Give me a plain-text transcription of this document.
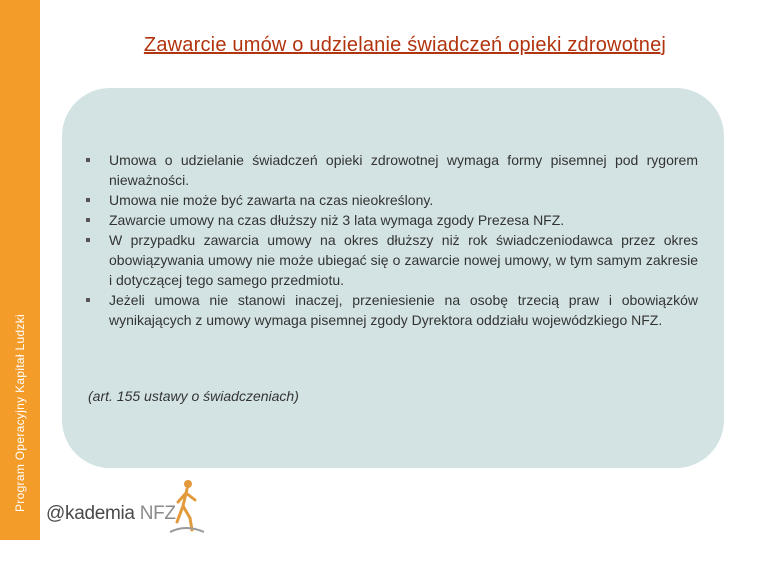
Program Operacyjny Kapitał Ludzki
Zawarcie umów o udzielanie świadczeń opieki zdrowotnej
Umowa o udzielanie świadczeń opieki zdrowotnej wymaga formy pisemnej pod rygorem nieważności.
Umowa nie może być zawarta na czas nieokreślony.
Zawarcie umowy na czas dłuższy niż 3 lata wymaga zgody Prezesa NFZ.
W przypadku zawarcia umowy na okres dłuższy niż rok świadczeniodawca przez okres obowiązywania umowy nie może ubiegać się o zawarcie nowej umowy, w tym samym zakresie i dotyczącej tego samego przedmiotu.
Jeżeli umowa nie stanowi inaczej, przeniesienie na osobę trzecią praw i obowiązków wynikających z umowy wymaga pisemnej zgody Dyrektora oddziału wojewódzkiego NFZ.
(art. 155 ustawy o świadczeniach)
@kademia NFZ
